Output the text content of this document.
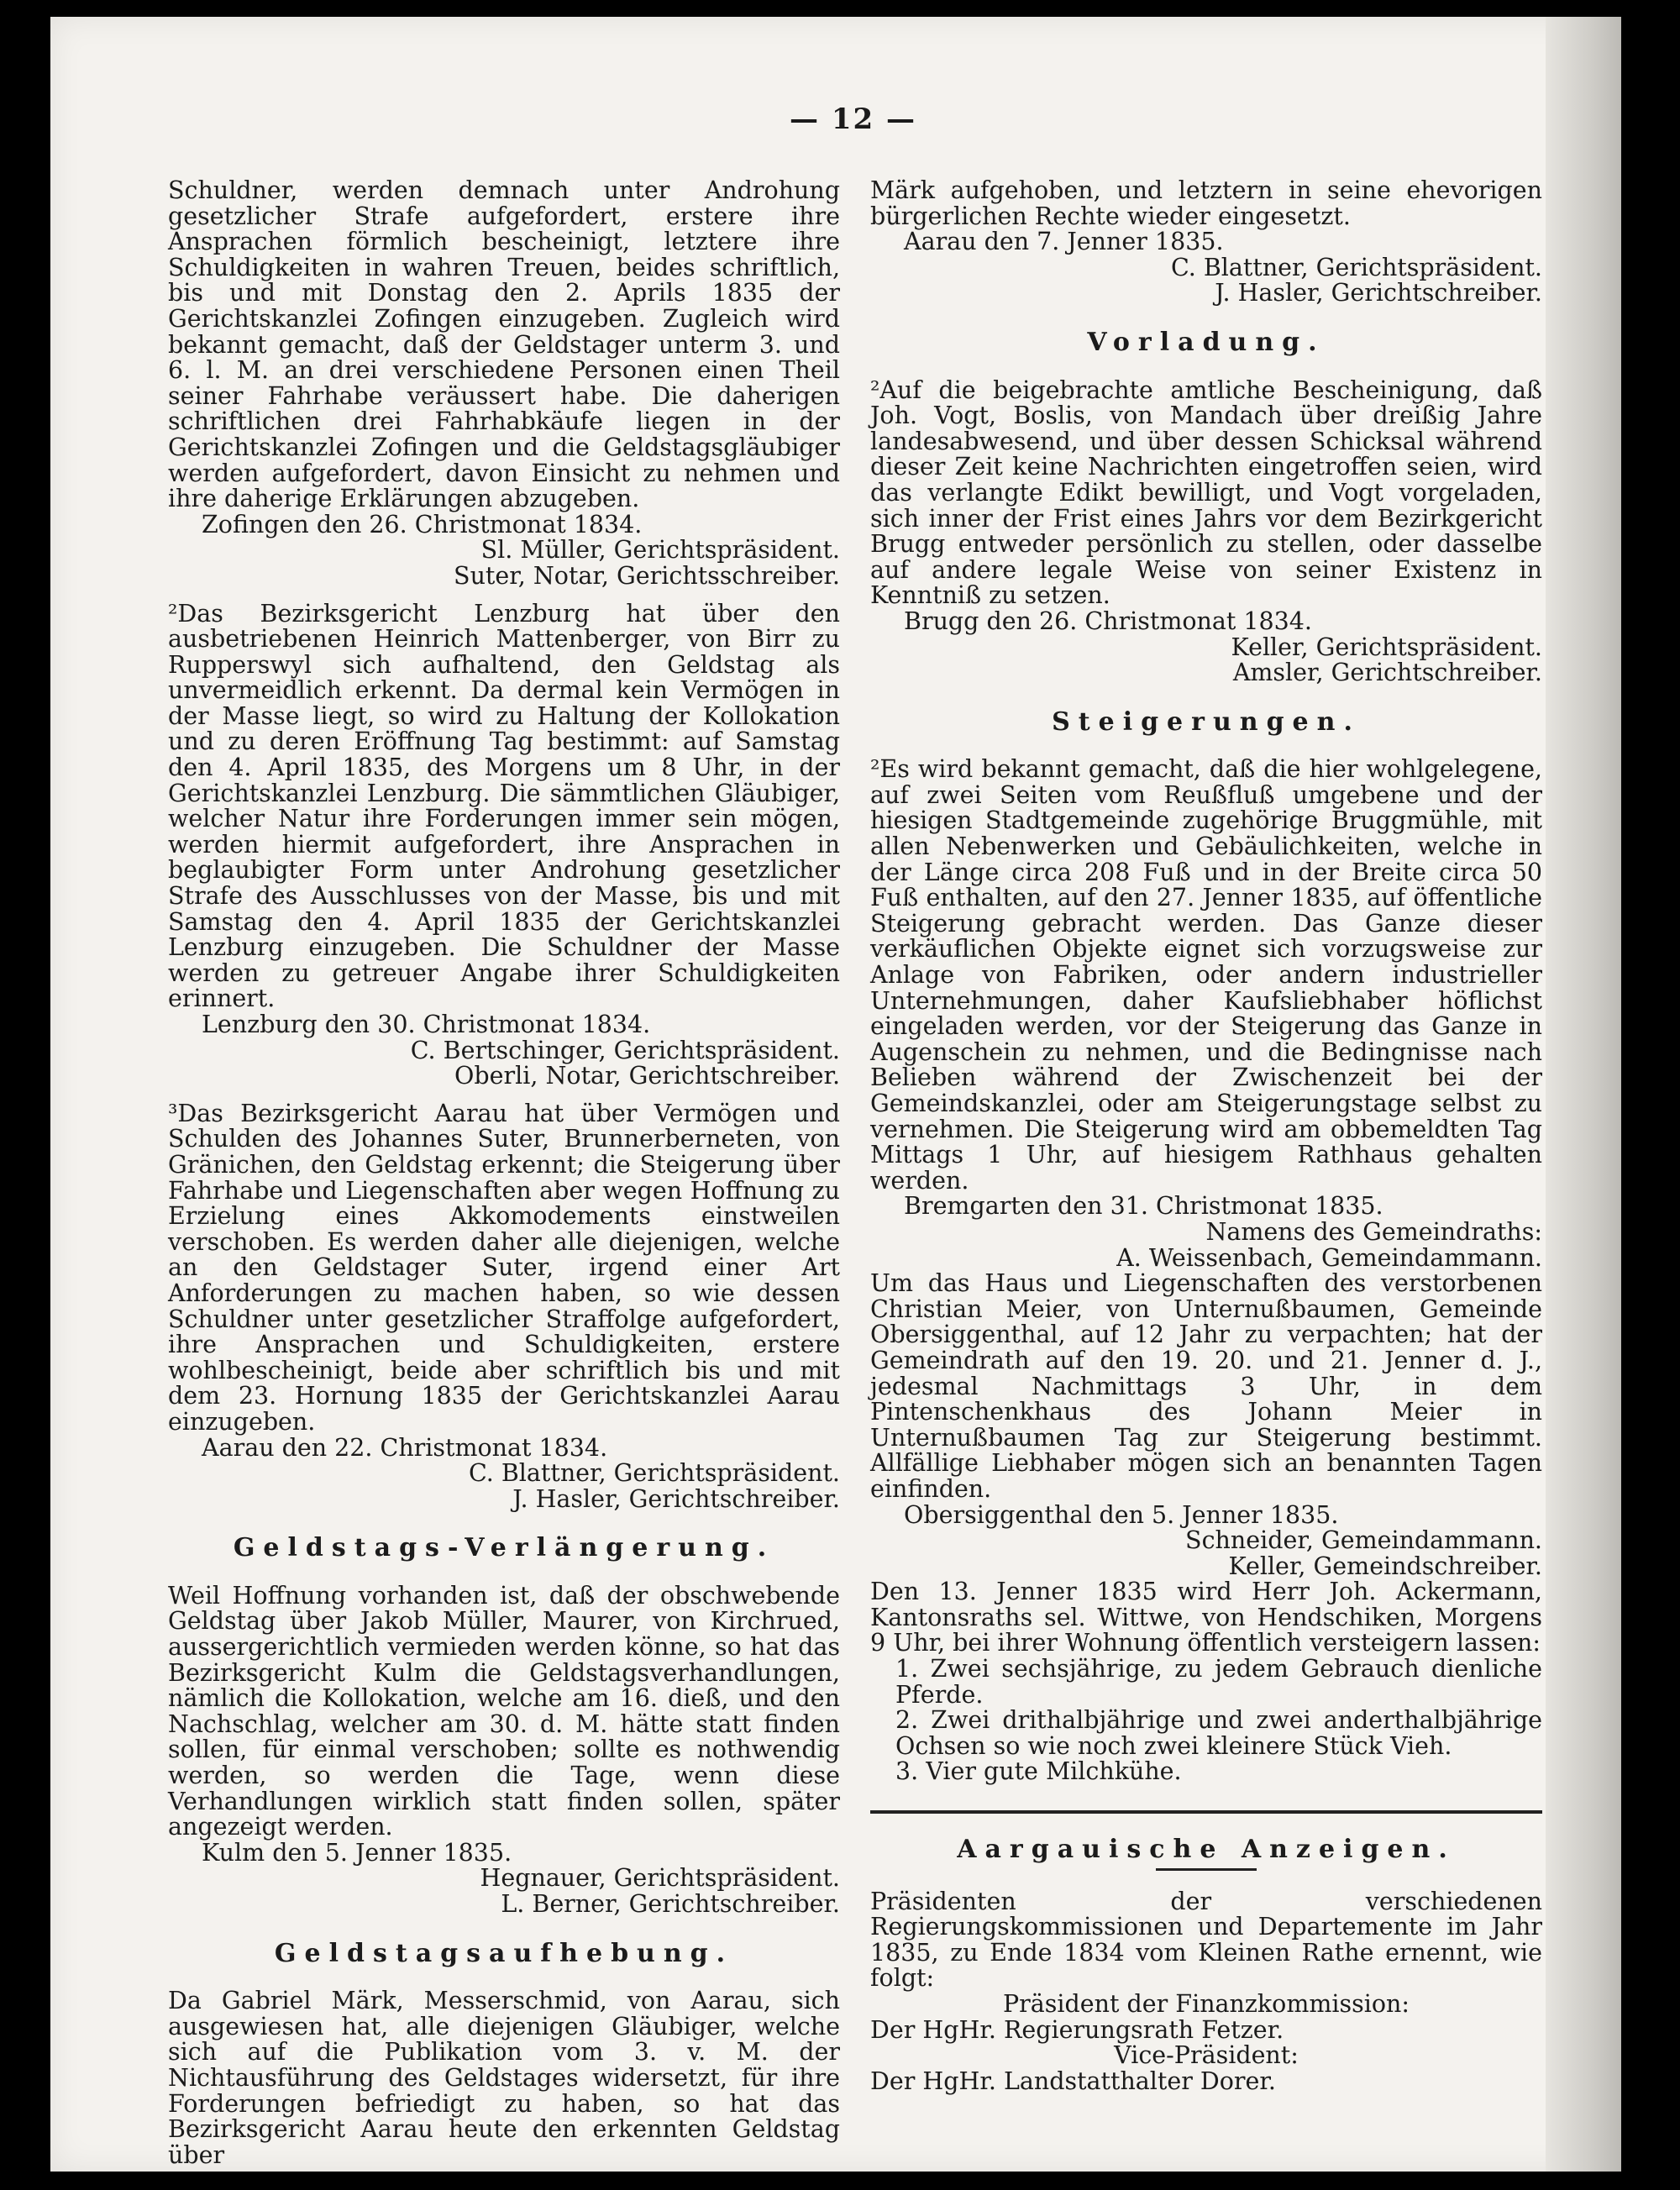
— 12 —

Schuldner, werden demnach unter Androhung gesetzlicher Strafe aufgefordert, erstere ihre Ansprachen förmlich bescheinigt, letztere ihre Schuldigkeiten in wahren Treuen, beides schriftlich, bis und mit Donstag den 2. Aprils 1835 der Gerichtskanzlei Zofingen einzugeben. Zugleich wird bekannt gemacht, daß der Geldstager unterm 3. und 6. l. M. an drei verschiedene Personen einen Theil seiner Fahrhabe veräussert habe. Die daherigen schriftlichen drei Fahrhabkäufe liegen in der Gerichtskanzlei Zofingen und die Geldstagsgläubiger werden aufgefordert, davon Einsicht zu nehmen und ihre daherige Erklärungen abzugeben.

Zofingen den 26. Christmonat 1834.

Sl. Müller, Gerichtspräsident.

Suter, Notar, Gerichtsschreiber.

²Das Bezirksgericht Lenzburg hat über den ausbetriebenen Heinrich Mattenberger, von Birr zu Rupperswyl sich aufhaltend, den Geldstag als unvermeidlich erkennt. Da dermal kein Vermögen in der Masse liegt, so wird zu Haltung der Kollokation und zu deren Eröffnung Tag bestimmt: auf Samstag den 4. April 1835, des Morgens um 8 Uhr, in der Gerichtskanzlei Lenzburg. Die sämmtlichen Gläubiger, welcher Natur ihre Forderungen immer sein mögen, werden hiermit aufgefordert, ihre Ansprachen in beglaubigter Form unter Androhung gesetzlicher Strafe des Ausschlusses von der Masse, bis und mit Samstag den 4. April 1835 der Gerichtskanzlei Lenzburg einzugeben. Die Schuldner der Masse werden zu getreuer Angabe ihrer Schuldigkeiten erinnert.

Lenzburg den 30. Christmonat 1834.

C. Bertschinger, Gerichtspräsident.

Oberli, Notar, Gerichtschreiber.

³Das Bezirksgericht Aarau hat über Vermögen und Schulden des Johannes Suter, Brunnerberneten, von Gränichen, den Geldstag erkennt; die Steigerung über Fahrhabe und Liegenschaften aber wegen Hoffnung zu Erzielung eines Akkomodements einstweilen verschoben. Es werden daher alle diejenigen, welche an den Geldstager Suter, irgend einer Art Anforderungen zu machen haben, so wie dessen Schuldner unter gesetzlicher Straffolge aufgefordert, ihre Ansprachen und Schuldigkeiten, erstere wohlbescheinigt, beide aber schriftlich bis und mit dem 23. Hornung 1835 der Gerichtskanzlei Aarau einzugeben.

Aarau den 22. Christmonat 1834.

C. Blattner, Gerichtspräsident.

J. Hasler, Gerichtschreiber.

Geldstags-Verlängerung.

Weil Hoffnung vorhanden ist, daß der obschwebende Geldstag über Jakob Müller, Maurer, von Kirchrued, aussergerichtlich vermieden werden könne, so hat das Bezirksgericht Kulm die Geldstagsverhandlungen, nämlich die Kollokation, welche am 16. dieß, und den Nachschlag, welcher am 30. d. M. hätte statt finden sollen, für einmal verschoben; sollte es nothwendig werden, so werden die Tage, wenn diese Verhandlungen wirklich statt finden sollen, später angezeigt werden.

Kulm den 5. Jenner 1835.

Hegnauer, Gerichtspräsident.

L. Berner, Gerichtschreiber.

Geldstagsaufhebung.

Da Gabriel Märk, Messerschmid, von Aarau, sich ausgewiesen hat, alle diejenigen Gläubiger, welche sich auf die Publikation vom 3. v. M. der Nichtausführung des Geldstages widersetzt, für ihre Forderungen befriedigt zu haben, so hat das Bezirksgericht Aarau heute den erkennten Geldstag über

Märk aufgehoben, und letztern in seine ehevorigen bürgerlichen Rechte wieder eingesetzt.

Aarau den 7. Jenner 1835.

C. Blattner, Gerichtspräsident.

J. Hasler, Gerichtschreiber.

Vorladung.

²Auf die beigebrachte amtliche Bescheinigung, daß Joh. Vogt, Boslis, von Mandach über dreißig Jahre landesabwesend, und über dessen Schicksal während dieser Zeit keine Nachrichten eingetroffen seien, wird das verlangte Edikt bewilligt, und Vogt vorgeladen, sich inner der Frist eines Jahrs vor dem Bezirkgericht Brugg entweder persönlich zu stellen, oder dasselbe auf andere legale Weise von seiner Existenz in Kenntniß zu setzen.

Brugg den 26. Christmonat 1834.

Keller, Gerichtspräsident.

Amsler, Gerichtschreiber.

Steigerungen.

²Es wird bekannt gemacht, daß die hier wohlgelegene, auf zwei Seiten vom Reußfluß umgebene und der hiesigen Stadtgemeinde zugehörige Bruggmühle, mit allen Nebenwerken und Gebäulichkeiten, welche in der Länge circa 208 Fuß und in der Breite circa 50 Fuß enthalten, auf den 27. Jenner 1835, auf öffentliche Steigerung gebracht werden. Das Ganze dieser verkäuflichen Objekte eignet sich vorzugsweise zur Anlage von Fabriken, oder andern industrieller Unternehmungen, daher Kaufsliebhaber höflichst eingeladen werden, vor der Steigerung das Ganze in Augenschein zu nehmen, und die Bedingnisse nach Belieben während der Zwischenzeit bei der Gemeindskanzlei, oder am Steigerungstage selbst zu vernehmen. Die Steigerung wird am obbemeldten Tag Mittags 1 Uhr, auf hiesigem Rathhaus gehalten werden.

Bremgarten den 31. Christmonat 1835.

Namens des Gemeindraths:

A. Weissenbach, Gemeindammann.

Um das Haus und Liegenschaften des verstorbenen Christian Meier, von Unternußbaumen, Gemeinde Obersiggenthal, auf 12 Jahr zu verpachten; hat der Gemeindrath auf den 19. 20. und 21. Jenner d. J., jedesmal Nachmittags 3 Uhr, in dem Pintenschenkhaus des Johann Meier in Unternußbaumen Tag zur Steigerung bestimmt. Allfällige Liebhaber mögen sich an benannten Tagen einfinden.

Obersiggenthal den 5. Jenner 1835.

Schneider, Gemeindammann.

Keller, Gemeindschreiber.

Den 13. Jenner 1835 wird Herr Joh. Ackermann, Kantonsraths sel. Wittwe, von Hendschiken, Morgens 9 Uhr, bei ihrer Wohnung öffentlich versteigern lassen:

1. Zwei sechsjährige, zu jedem Gebrauch dienliche Pferde.

2. Zwei drithalbjährige und zwei anderthalbjährige Ochsen so wie noch zwei kleinere Stück Vieh.

3. Vier gute Milchkühe.

Aargauische Anzeigen.

Präsidenten der verschiedenen Regierungskommissionen und Departemente im Jahr 1835, zu Ende 1834 vom Kleinen Rathe ernennt, wie folgt:

Präsident der Finanzkommission:

Der HgHr. Regierungsrath Fetzer.

Vice-Präsident:

Der HgHr. Landstatthalter Dorer.
